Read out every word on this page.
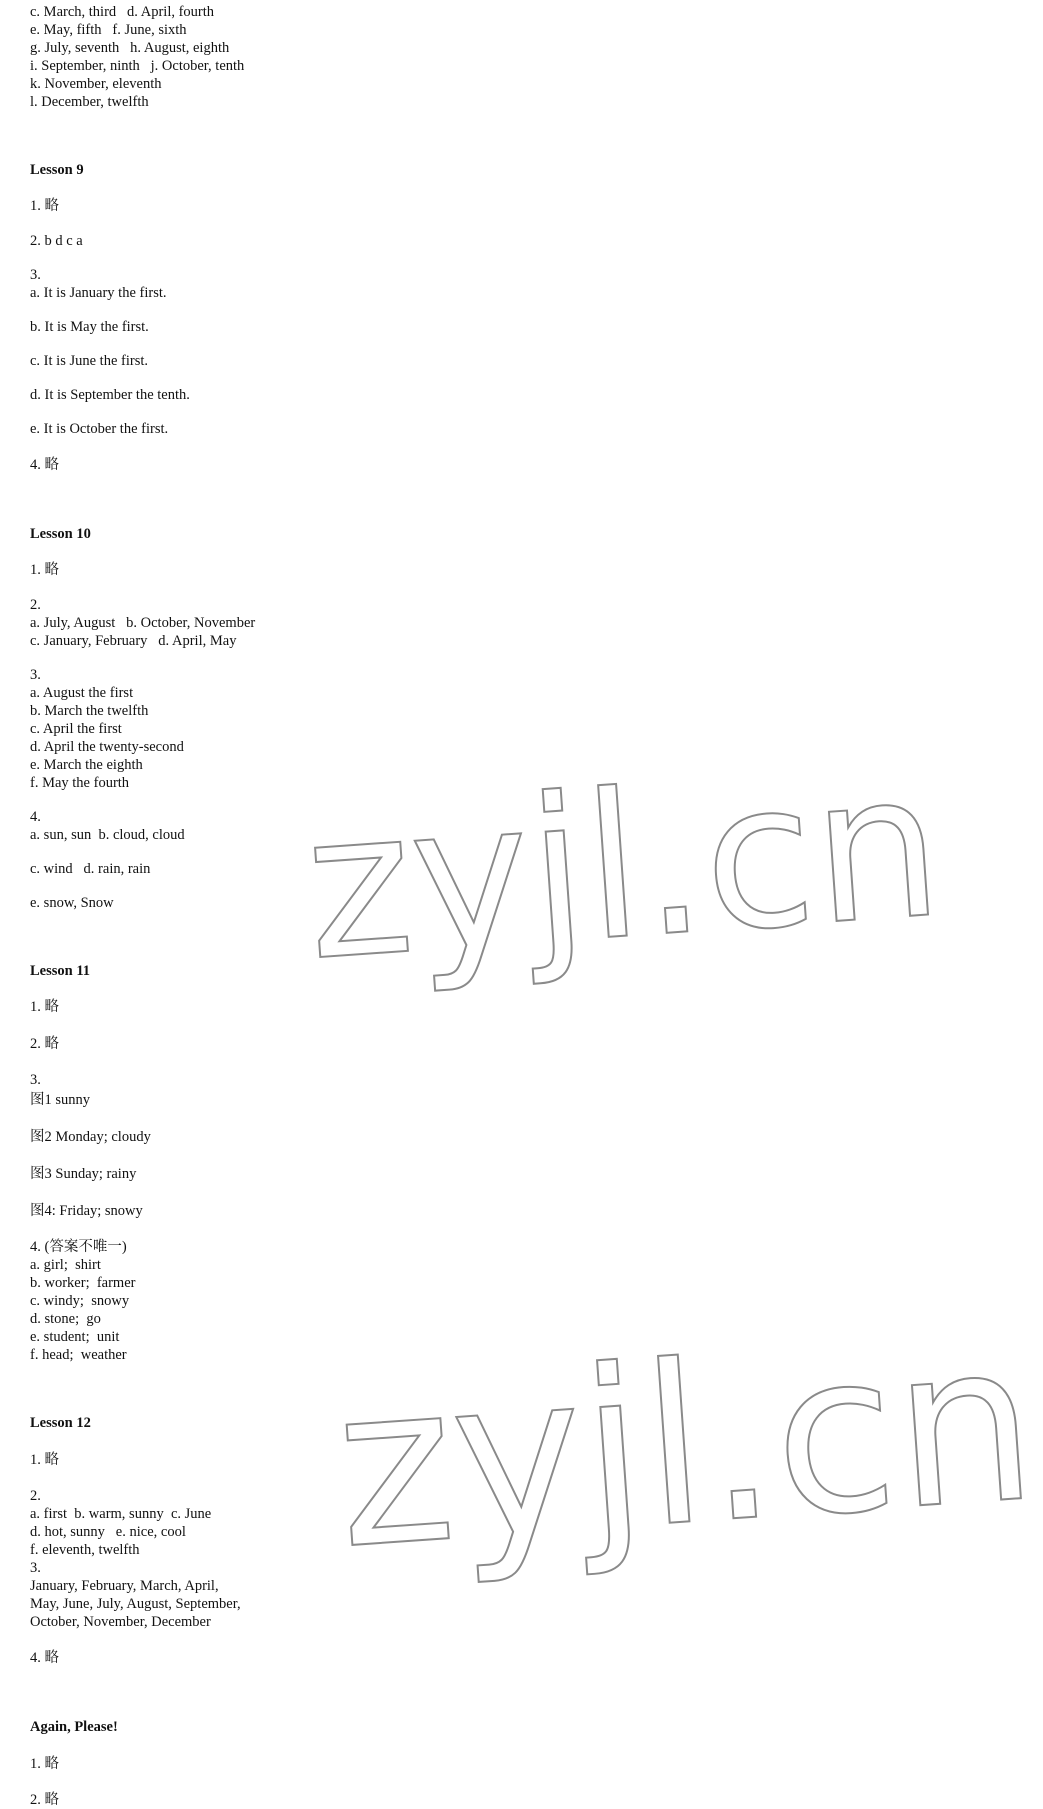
c. March, third   d. April, fourth

e. May, fifth   f. June, sixth

g. July, seventh   h. August, eighth

i. September, ninth   j. October, tenth

k. November, eleventh

l. December, twelfth

Lesson 9

1. 略

2. b d c a

3.

a. It is January the first.

b. It is May the first.

c. It is June the first.

d. It is September the tenth.

e. It is October the first.

4. 略

Lesson 10

1. 略

2.

a. July, August   b. October, November

c. January, February   d. April, May

3.

a. August the first

b. March the twelfth

c. April the first

d. April the twenty-second

e. March the eighth

f. May the fourth

4.

a. sun, sun  b. cloud, cloud

c. wind   d. rain, rain

e. snow, Snow

Lesson 11

1. 略

2. 略

3.

图1 sunny

图2 Monday; cloudy

图3 Sunday; rainy

图4: Friday; snowy

4. (答案不唯一)

a. girl;  shirt

b. worker;  farmer

c. windy;  snowy

d. stone;  go

e. student;  unit

f. head;  weather

Lesson 12

1. 略

2.

a. first  b. warm, sunny  c. June

d. hot, sunny   e. nice, cool

f. eleventh, twelfth

3.

January, February, March, April,

May, June, July, August, September,

October, November, December

4. 略

Again, Please!

1. 略

2. 略

zyjl.cn
zyjl.cn
